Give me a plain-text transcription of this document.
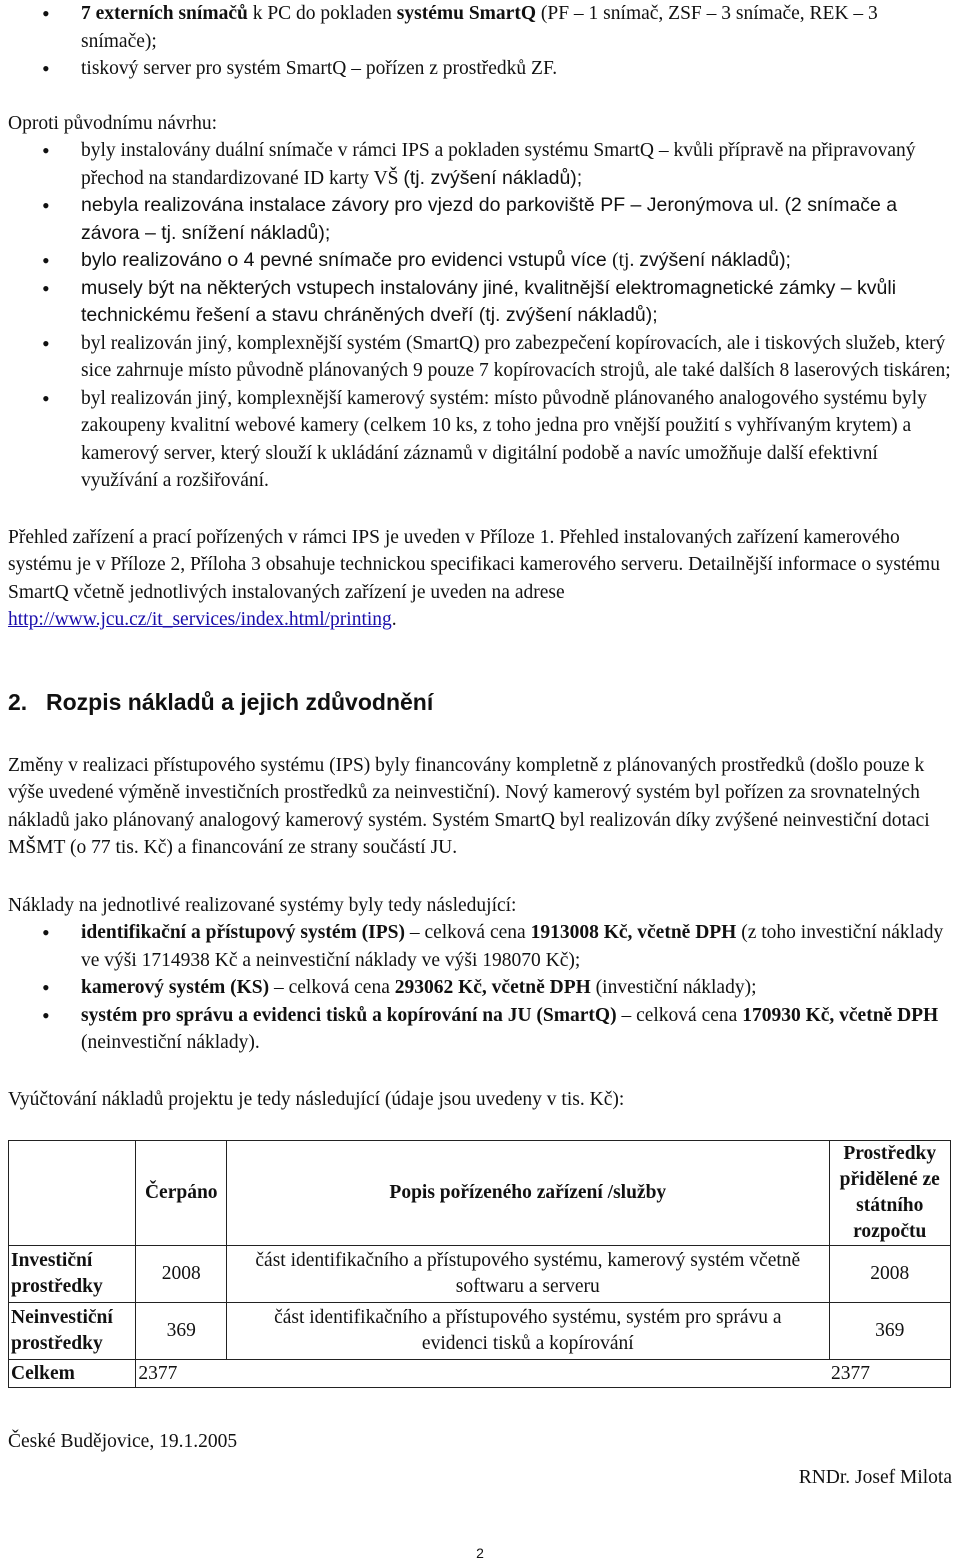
• 7 externích snímačů k PC do pokladen systému SmartQ (PF – 1 snímač, ZSF – 3 snímače, REK – 3 snímače);
• tiskový server pro systém SmartQ – pořízen z prostředků ZF.

Oproti původnímu návrhu:

• byly instalovány duální snímače v rámci IPS a pokladen systému SmartQ – kvůli přípravě na připravovaný přechod na standardizované ID karty VŠ (tj. zvýšení nákladů);
• nebyla realizována instalace závory pro vjezd do parkoviště PF – Jeronýmova ul. (2 snímače a závora – tj. snížení nákladů);
• bylo realizováno o 4 pevné snímače pro evidenci vstupů více (tj. zvýšení nákladů);
• musely být na některých vstupech instalovány jiné, kvalitnější elektromagnetické zámky – kvůli technickému řešení a stavu chráněných dveří (tj. zvýšení nákladů);
• byl realizován jiný, komplexnější systém (SmartQ) pro zabezpečení kopírovacích, ale i tiskových služeb, který sice zahrnuje místo původně plánovaných 9 pouze 7 kopírovacích strojů, ale také dalších 8 laserových tiskáren;
• byl realizován jiný, komplexnější kamerový systém: místo původně plánovaného analogového systému byly zakoupeny kvalitní webové kamery (celkem 10 ks, z toho jedna pro vnější použití s vyhřívaným krytem) a kamerový server, který slouží k ukládání záznamů v digitální podobě a navíc umožňuje další efektivní využívání a rozšiřování.

Přehled zařízení a prací pořízených v rámci IPS je uveden v Příloze 1. Přehled instalovaných zařízení kamerového systému je v Příloze 2, Příloha 3 obsahuje technickou specifikaci kamerového serveru. Detailnější informace o systému SmartQ včetně jednotlivých instalovaných zařízení je uveden na adrese http://www.jcu.cz/it_services/index.html/printing.

2. Rozpis nákladů a jejich zdůvodnění

Změny v realizaci přístupového systému (IPS) byly financovány kompletně z plánovaných prostředků (došlo pouze k výše uvedené výměně investičních prostředků za neinvestiční). Nový kamerový systém byl pořízen za srovnatelných nákladů jako plánovaný analogový kamerový systém. Systém SmartQ byl realizován díky zvýšené neinvestiční dotaci MŠMT (o 77 tis. Kč) a financování ze strany součástí JU.

Náklady na jednotlivé realizované systémy byly tedy následující:

• identifikační a přístupový systém (IPS) – celková cena 1913008 Kč, včetně DPH (z toho investiční náklady ve výši 1714938 Kč a neinvestiční náklady ve výši 198070 Kč);
• kamerový systém (KS) – celková cena 293062 Kč, včetně DPH (investiční náklady);
• systém pro správu a evidenci tisků a kopírování na JU (SmartQ) – celková cena 170930 Kč, včetně DPH (neinvestiční náklady).

Vyúčtování nákladů projektu je tedy následující (údaje jsou uvedeny v tis. Kč):

	Čerpáno	Popis pořízeného zařízení /služby	Prostředky přidělené ze státního rozpočtu
Investiční prostředky	2008	část identifikačního a přístupového systému, kamerový systém včetně softwaru a serveru	2008
Neinvestiční prostředky	369	část identifikačního a přístupového systému, systém pro správu a evidenci tisků a kopírování	369
Celkem	2377		2377

České Budějovice, 19.1.2005

RNDr. Josef Milota

2
